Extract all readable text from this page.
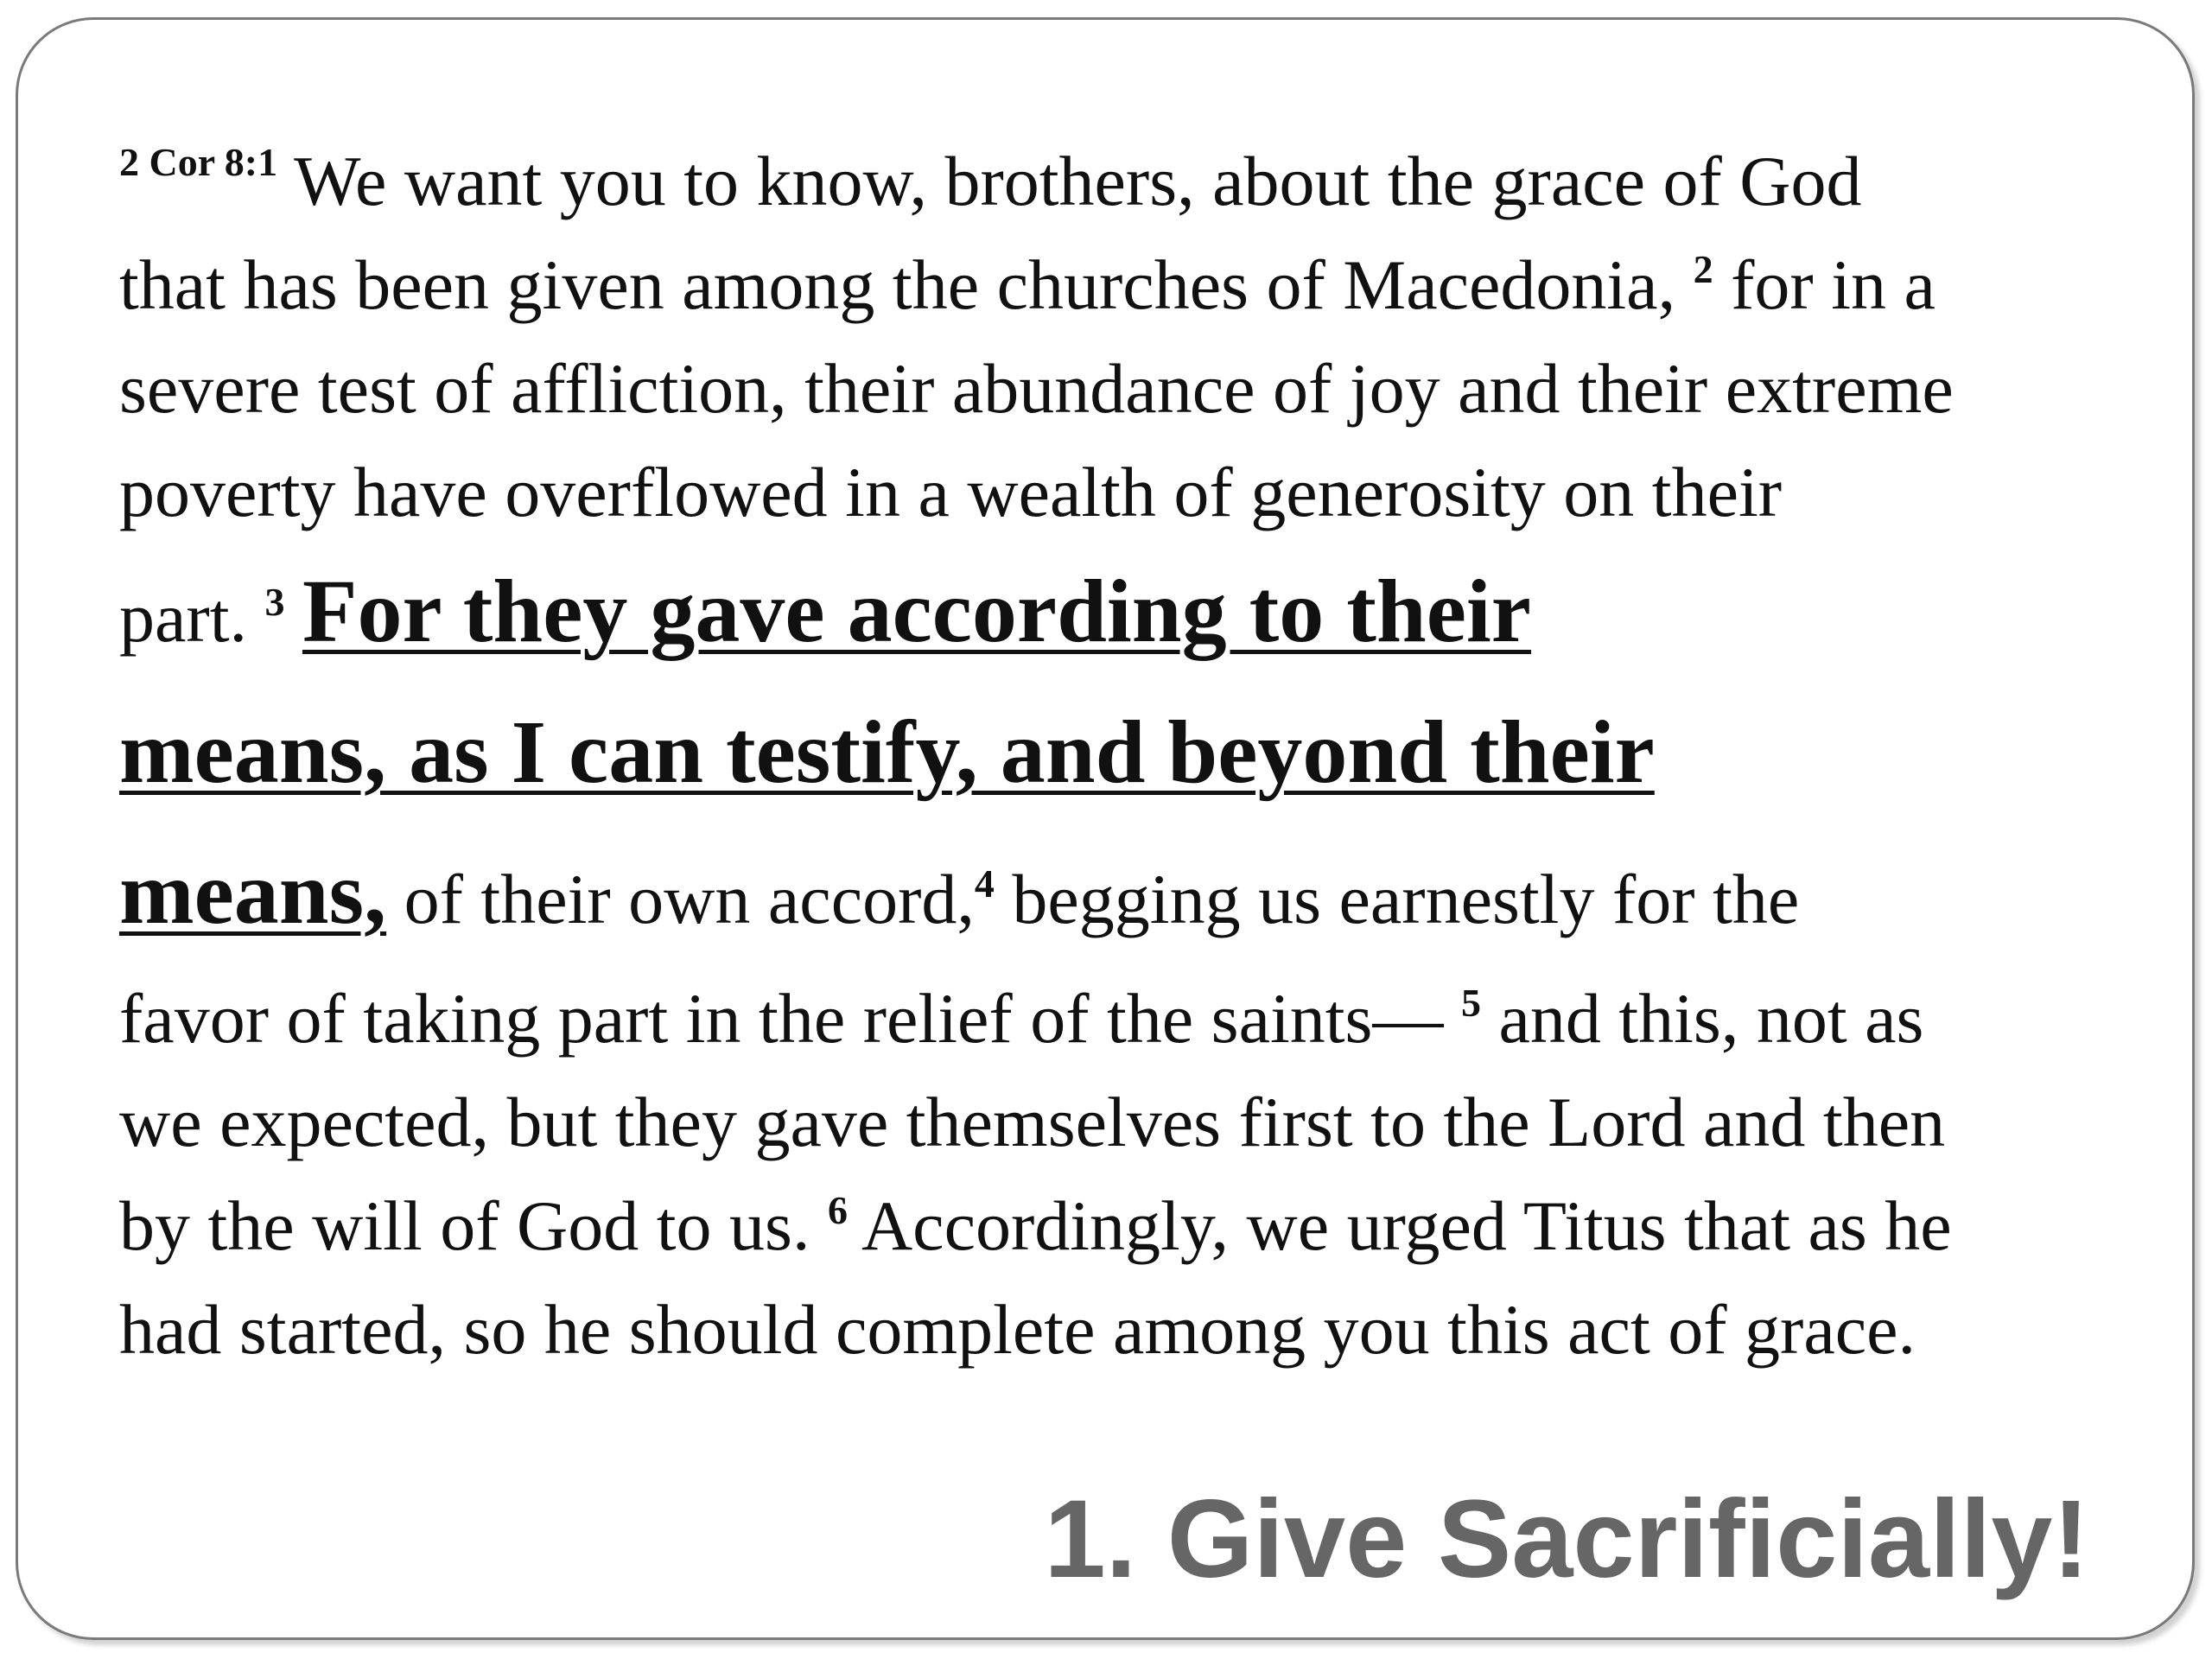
$^{2 Cor 8:1}$ We want you to know, brothers, about the grace of God
that has been given among the churches of Macedonia, $^2$ for in a
severe test of affliction, their abundance of joy and their extreme
poverty have overflowed in a wealth of generosity on their
part. $^3$ For they gave according to their
means, as I can testify, and beyond their
means, of their own accord,$^4$ begging us earnestly for the
favor of taking part in the relief of the saints— $^5$ and this, not as
we expected, but they gave themselves first to the Lord and then
by the will of God to us. $^6$ Accordingly, we urged Titus that as he
had started, so he should complete among you this act of grace.
1. Give Sacrificially!
